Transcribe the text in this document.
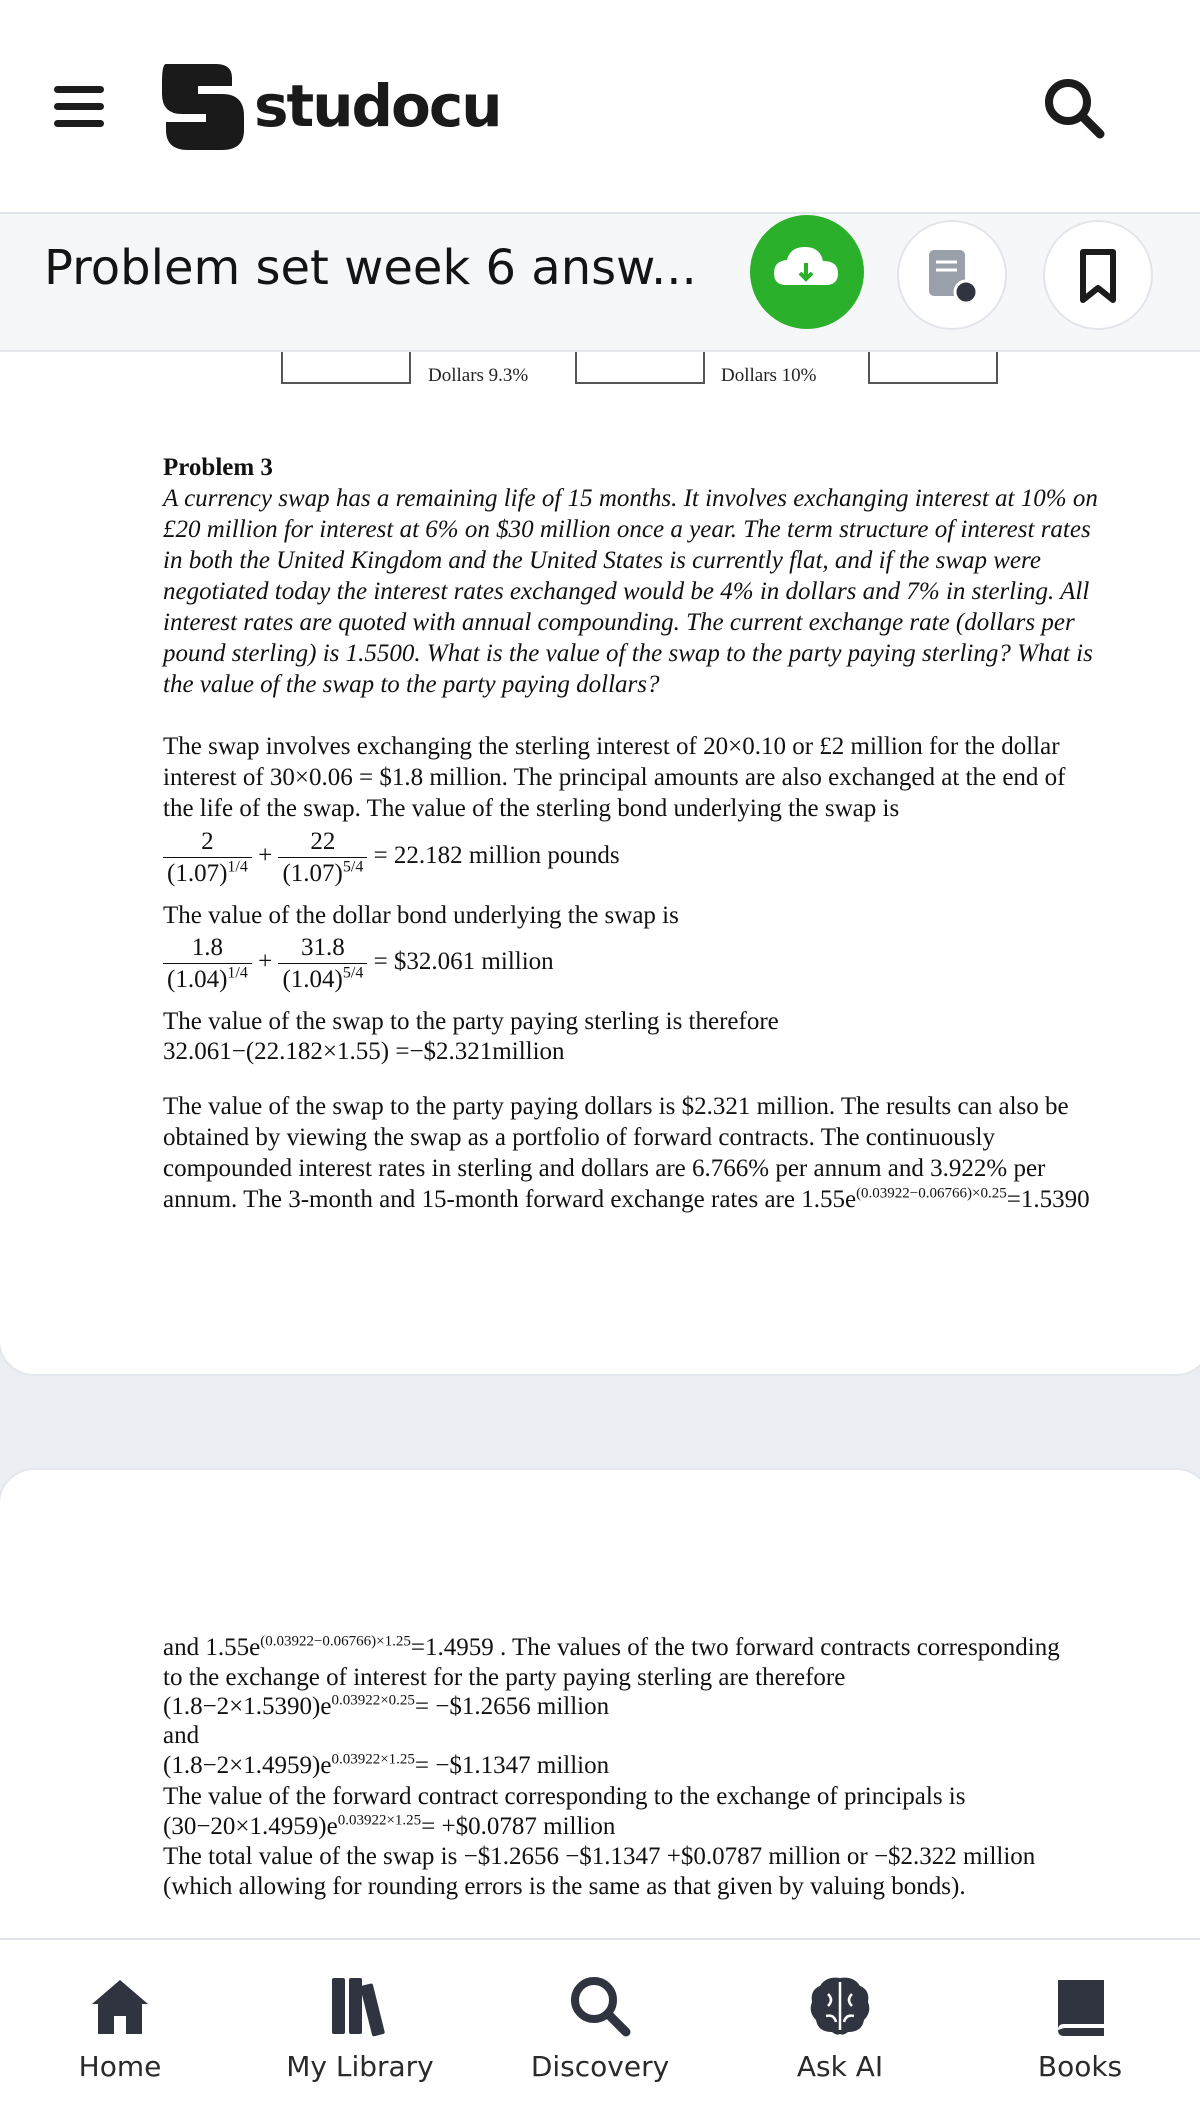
studocu
Problem set week 6 answ...
Dollars 9.3%	Dollars 10%

Problem 3

A currency swap has a remaining life of 15 months. It involves exchanging interest at 10% on

£20 million for interest at 6% on $30 million once a year. The term structure of interest rates

in both the United Kingdom and the United States is currently flat, and if the swap were

negotiated today the interest rates exchanged would be 4% in dollars and 7% in sterling. All

interest rates are quoted with annual compounding. The current exchange rate (dollars per

pound sterling) is 1.5500. What is the value of the swap to the party paying sterling? What is

the value of the swap to the party paying dollars?

The swap involves exchanging the sterling interest of 20×0.10 or £2 million for the dollar

interest of 30×0.06 = $1.8 million. The principal amounts are also exchanged at the end of

the life of the swap. The value of the sterling bond underlying the swap is

$\frac{2}{(1.07)^{1/4}} + \frac{22}{(1.07)^{5/4}} = 22.182$ million pounds

The value of the dollar bond underlying the swap is

$\frac{1.8}{(1.04)^{1/4}} + \frac{31.8}{(1.04)^{5/4}}$ = $32.061 million

The value of the swap to the party paying sterling is therefore

32.061−(22.182×1.55) =−$2.321million

The value of the swap to the party paying dollars is $2.321 million. The results can also be

obtained by viewing the swap as a portfolio of forward contracts. The continuously

compounded interest rates in sterling and dollars are 6.766% per annum and 3.922% per

annum. The 3-month and 15-month forward exchange rates are $1.55e^{(0.03922-0.06766)\times 0.25}=1.5390$

and $1.55e^{(0.03922-0.06766)\times 1.25}=1.4959$ . The values of the two forward contracts corresponding

to the exchange of interest for the party paying sterling are therefore

$(1.8-2\times 1.5390)e^{0.03922\times 0.25}=$ −$1.2656 million

and

$(1.8-2\times 1.4959)e^{0.03922\times 1.25}=$ −$1.1347 million

The value of the forward contract corresponding to the exchange of principals is

$(30-20\times 1.4959)e^{0.03922\times 1.25}=$ +$0.0787 million

The total value of the swap is −$1.2656 −$1.1347 +$0.0787 million or −$2.322 million

(which allowing for rounding errors is the same as that given by valuing bonds).

Home	My Library	Discovery	Ask AI	Books
